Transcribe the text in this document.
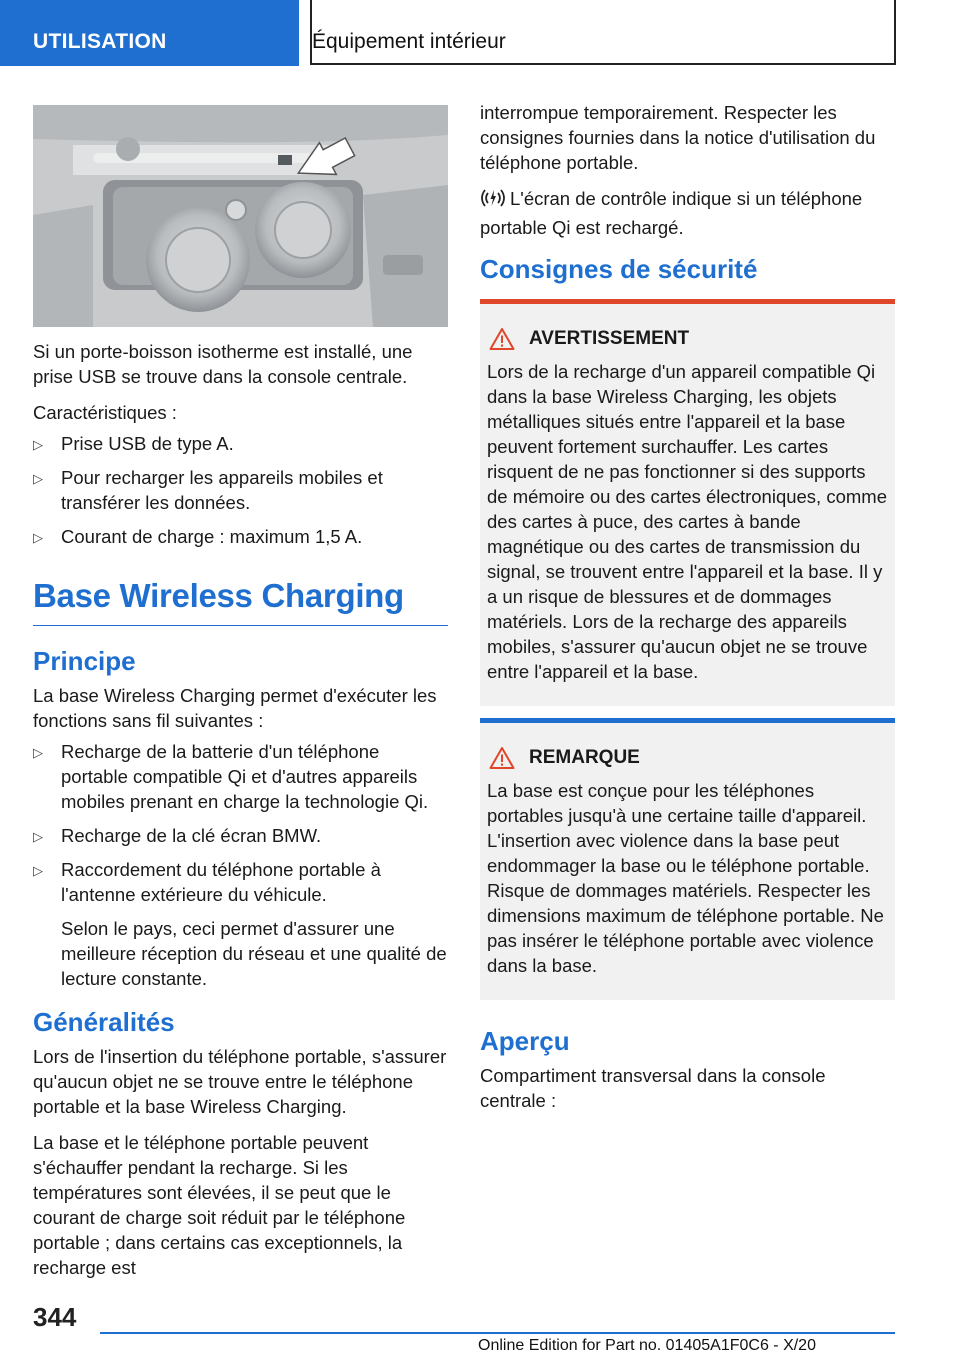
UTILISATION	Équipement intérieur

Si un porte-boisson isotherme est installé, une prise USB se trouve dans la console centrale.

Caractéristiques :

▷ Prise USB de type A.
▷ Pour recharger les appareils mobiles et transférer les données.
▷ Courant de charge : maximum 1,5 A.
Base Wireless Charging
Principe

La base Wireless Charging permet d'exécuter les fonctions sans fil suivantes :

▷ Recharge de la batterie d'un téléphone portable compatible Qi et d'autres appareils mobiles prenant en charge la technologie Qi.
▷ Recharge de la clé écran BMW.
▷ Raccordement du téléphone portable à l'antenne extérieure du véhicule.
Selon le pays, ceci permet d'assurer une meilleure réception du réseau et une qualité de lecture constante.
Généralités

Lors de l'insertion du téléphone portable, s'assurer qu'aucun objet ne se trouve entre le téléphone portable et la base Wireless Charging.

La base et le téléphone portable peuvent s'échauffer pendant la recharge. Si les températures sont élevées, il se peut que le courant de charge soit réduit par le téléphone portable ; dans certains cas exceptionnels, la recharge est

interrompue temporairement. Respecter les consignes fournies dans la notice d'utilisation du téléphone portable.

L'écran de contrôle indique si un téléphone portable Qi est rechargé.
Consignes de sécurité
AVERTISSEMENT

Lors de la recharge d'un appareil compatible Qi dans la base Wireless Charging, les objets métalliques situés entre l'appareil et la base peuvent fortement surchauffer. Les cartes risquent de ne pas fonctionner si des supports de mémoire ou des cartes électroniques, comme des cartes à puce, des cartes à bande magnétique ou des cartes de transmission du signal, se trouvent entre l'appareil et la base. Il y a un risque de blessures et de dommages matériels. Lors de la recharge des appareils mobiles, s'assurer qu'aucun objet ne se trouve entre l'appareil et la base.

REMARQUE

La base est conçue pour les téléphones portables jusqu'à une certaine taille d'appareil. L'insertion avec violence dans la base peut endommager la base ou le téléphone portable. Risque de dommages matériels. Respecter les dimensions maximum de téléphone portable. Ne pas insérer le téléphone portable avec violence dans la base.

Aperçu

Compartiment transversal dans la console centrale :

344
Online Edition for Part no. 01405A1F0C6 - X/20
